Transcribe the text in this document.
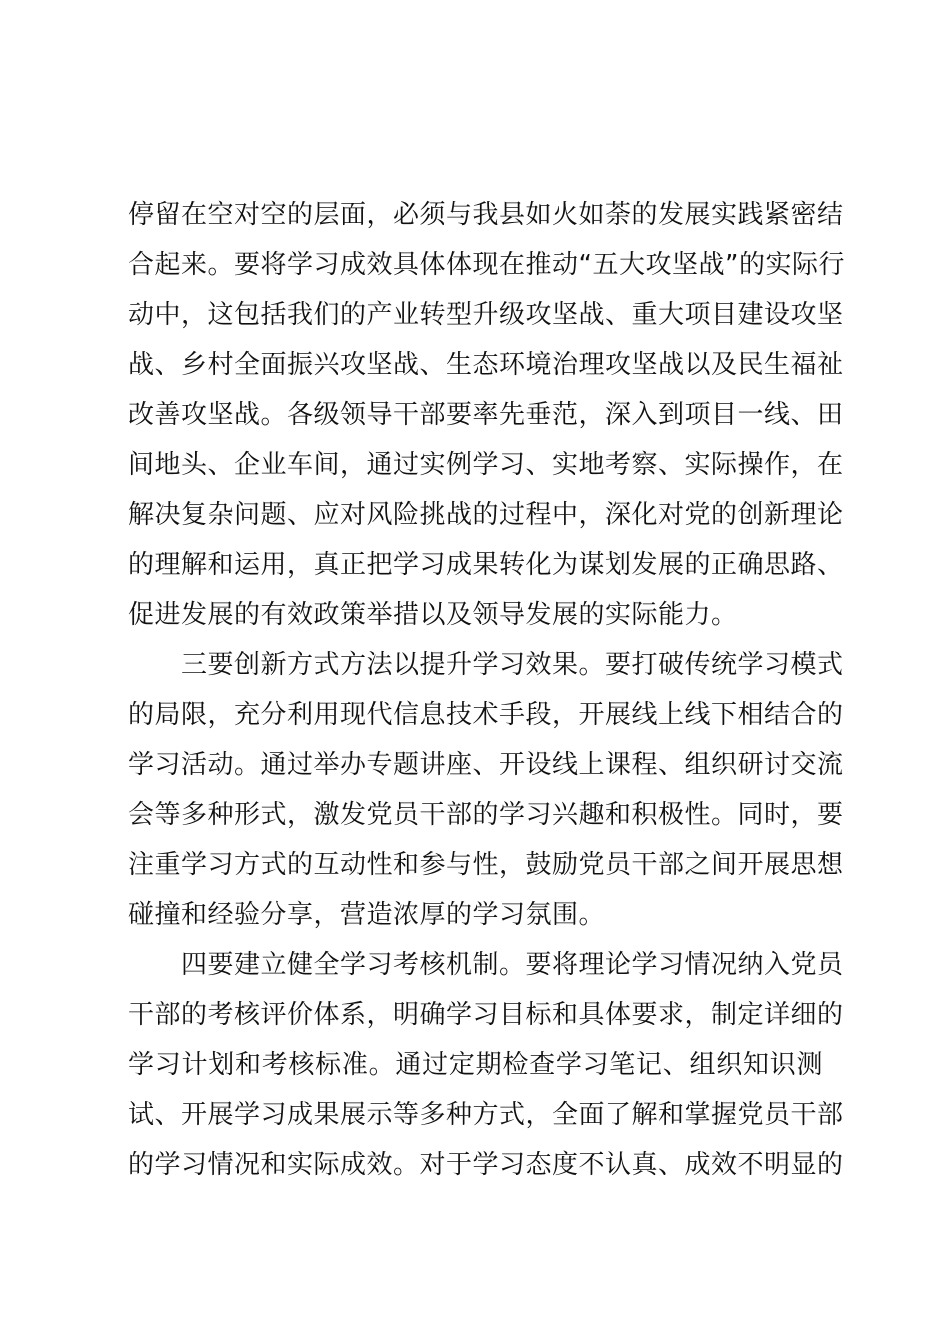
停留在空对空的层面，必须与我县如火如荼的发展实践紧密结
合起来。要将学习成效具体体现在推动“五大攻坚战”的实际行
动中，这包括我们的产业转型升级攻坚战、重大项目建设攻坚
战、乡村全面振兴攻坚战、生态环境治理攻坚战以及民生福祉
改善攻坚战。各级领导干部要率先垂范，深入到项目一线、田
间地头、企业车间，通过实例学习、实地考察、实际操作，在
解决复杂问题、应对风险挑战的过程中，深化对党的创新理论
的理解和运用，真正把学习成果转化为谋划发展的正确思路、
促进发展的有效政策举措以及领导发展的实际能力。
三要创新方式方法以提升学习效果。要打破传统学习模式
的局限，充分利用现代信息技术手段，开展线上线下相结合的
学习活动。通过举办专题讲座、开设线上课程、组织研讨交流
会等多种形式，激发党员干部的学习兴趣和积极性。同时，要
注重学习方式的互动性和参与性，鼓励党员干部之间开展思想
碰撞和经验分享，营造浓厚的学习氛围。
四要建立健全学习考核机制。要将理论学习情况纳入党员
干部的考核评价体系，明确学习目标和具体要求，制定详细的
学习计划和考核标准。通过定期检查学习笔记、组织知识测
试、开展学习成果展示等多种方式，全面了解和掌握党员干部
的学习情况和实际成效。对于学习态度不认真、成效不明显的
